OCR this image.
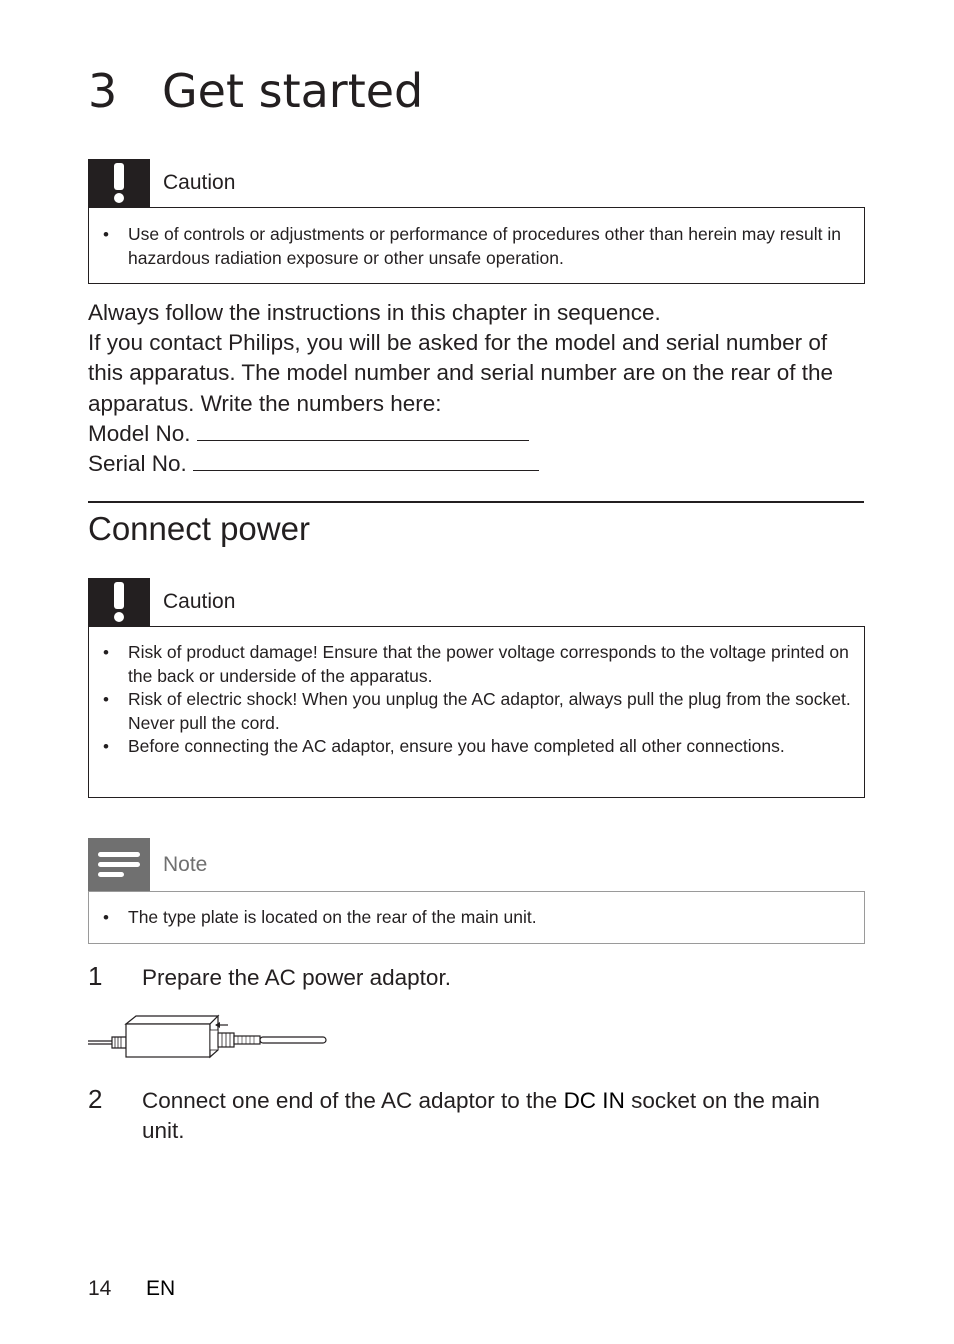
3 Get started
Caution
• Use of controls or adjustments or performance of procedures other than herein may result in hazardous radiation exposure or other unsafe operation.

Always follow the instructions in this chapter in sequence.

If you contact Philips, you will be asked for the model and serial number of this apparatus. The model number and serial number are on the rear of the apparatus. Write the numbers here:

Model No.

Serial No.

Connect power
Caution
• Risk of product damage! Ensure that the power voltage corresponds to the voltage printed on the back or underside of the apparatus.
• Risk of electric shock! When you unplug the AC adaptor, always pull the plug from the socket. Never pull the cord.
• Before connecting the AC adaptor, ensure you have completed all other connections.
Note
• The type plate is located on the rear of the main unit.
1 Prepare the AC power adaptor.
2 Connect one end of the AC adaptor to the DC IN socket on the main unit.
14 EN
